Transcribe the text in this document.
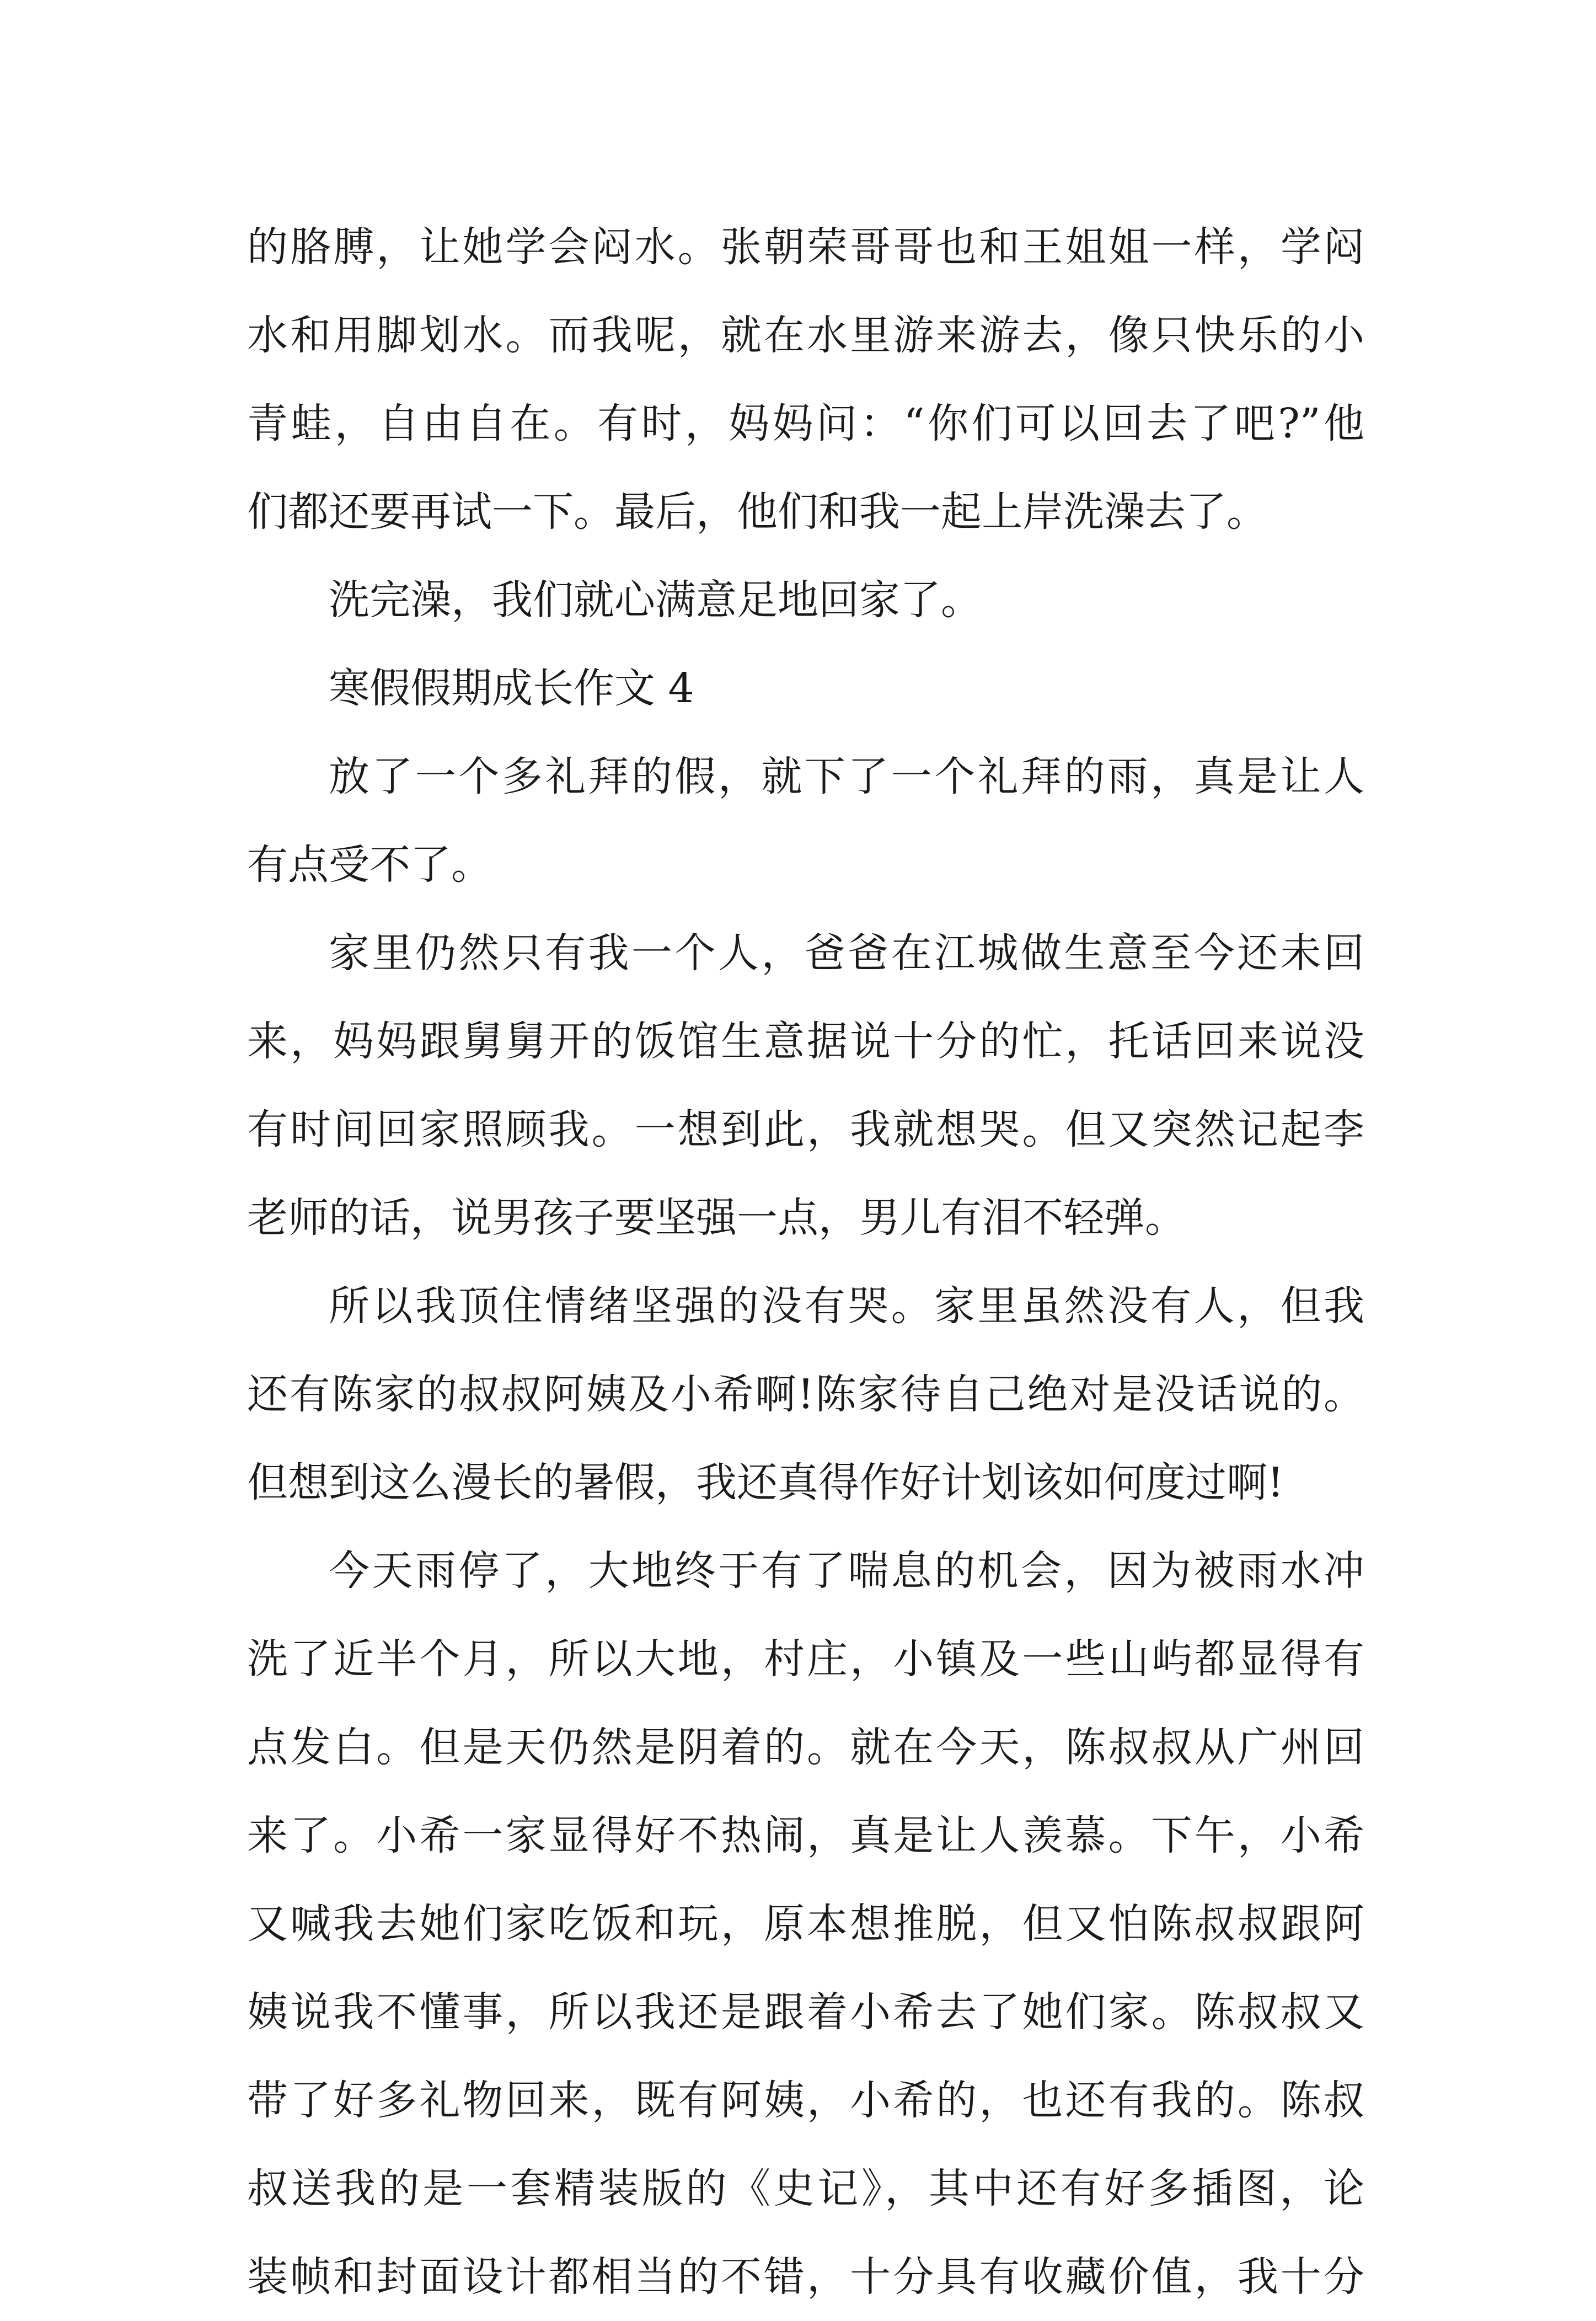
的胳膊，让她学会闷水。张朝荣哥哥也和王姐姐一样，学闷
水和用脚划水。而我呢，就在水里游来游去，像只快乐的小
青蛙，自由自在。有时，妈妈问：“你们可以回去了吧?”他
们都还要再试一下。最后，他们和我一起上岸洗澡去了。
洗完澡，我们就心满意足地回家了。
寒假假期成长作文 4
放了一个多礼拜的假，就下了一个礼拜的雨，真是让人
有点受不了。
家里仍然只有我一个人，爸爸在江城做生意至今还未回
来，妈妈跟舅舅开的饭馆生意据说十分的忙，托话回来说没
有时间回家照顾我。一想到此，我就想哭。但又突然记起李
老师的话，说男孩子要坚强一点，男儿有泪不轻弹。
所以我顶住情绪坚强的没有哭。家里虽然没有人，但我
还有陈家的叔叔阿姨及小希啊!陈家待自己绝对是没话说的。
但想到这么漫长的暑假，我还真得作好计划该如何度过啊!
今天雨停了，大地终于有了喘息的机会，因为被雨水冲
洗了近半个月，所以大地，村庄，小镇及一些山屿都显得有
点发白。但是天仍然是阴着的。就在今天，陈叔叔从广州回
来了。小希一家显得好不热闹，真是让人羡慕。下午，小希
又喊我去她们家吃饭和玩，原本想推脱，但又怕陈叔叔跟阿
姨说我不懂事，所以我还是跟着小希去了她们家。陈叔叔又
带了好多礼物回来，既有阿姨，小希的，也还有我的。陈叔
叔送我的是一套精装版的《史记》，其中还有好多插图，论
装帧和封面设计都相当的不错，十分具有收藏价值，我十分
